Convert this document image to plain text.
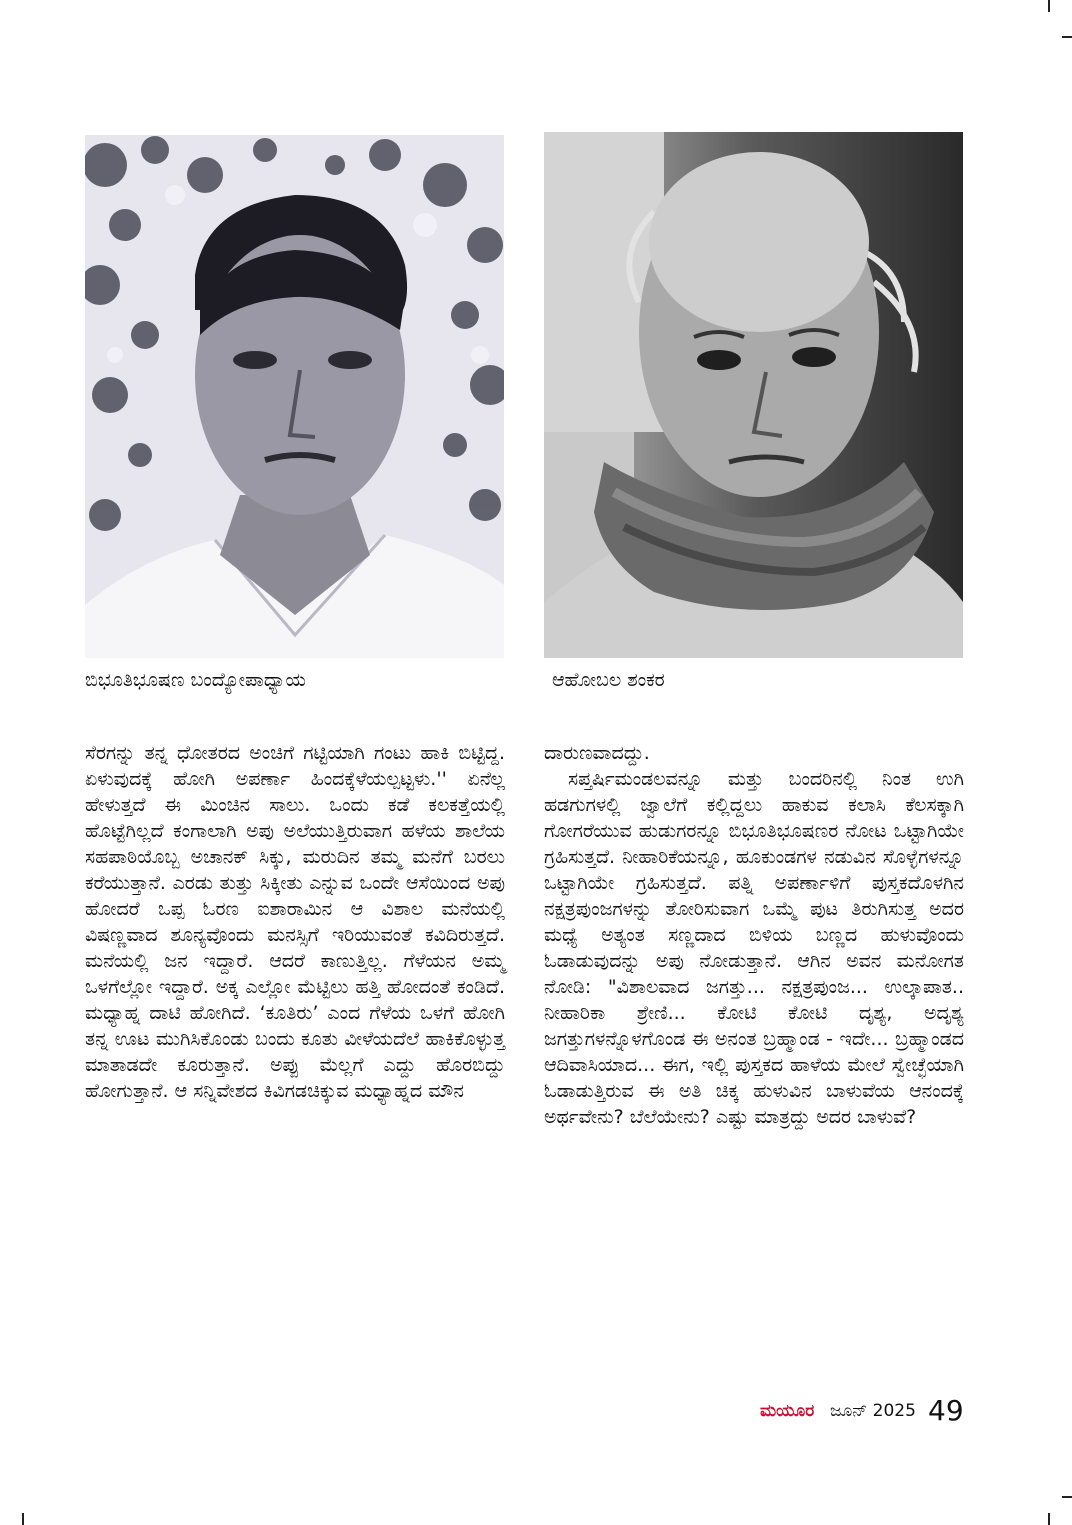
ಬಿಭೂತಿಭೂಷಣ ಬಂದ್ಯೋಪಾಧ್ಯಾಯ	ಆಹೋಬಲ ಶಂಕರ

ಸೆರಗನ್ನು ತನ್ನ ಧೋತರದ ಅಂಚಿಗೆ ಗಟ್ಟಿಯಾಗಿ ಗಂಟು ಹಾಕಿ ಬಿಟ್ಟಿದ್ದ. ಏಳುವುದಕ್ಕೆ ಹೋಗಿ ಅಪರ್ಣಾ ಹಿಂದಕ್ಕೆಳೆಯಲ್ಪಟ್ಟಳು.'' ಏನೆಲ್ಲ ಹೇಳುತ್ತದೆ ಈ ಮಿಂಚಿನ ಸಾಲು. ಒಂದು ಕಡೆ ಕಲಕತ್ತೆಯಲ್ಲಿ ಹೊಟ್ಟೆಗಿಲ್ಲದೆ ಕಂಗಾಲಾಗಿ ಅಪು ಅಲೆಯುತ್ತಿರುವಾಗ ಹಳೆಯ ಶಾಲೆಯ ಸಹಪಾಠಿಯೊಬ್ಬ ಅಚಾನಕ್ ಸಿಕ್ಕು, ಮರುದಿನ ತಮ್ಮ ಮನೆಗೆ ಬರಲು ಕರೆಯುತ್ತಾನೆ. ಎರಡು ತುತ್ತು ಸಿಕ್ಕೀತು ಎನ್ನುವ ಒಂದೇ ಆಸೆಯಿಂದ ಅಪು ಹೋದರೆ ಒಪ್ಪ ಓರಣ ಐಶಾರಾಮಿನ ಆ ವಿಶಾಲ ಮನೆಯಲ್ಲಿ ವಿಷಣ್ಣವಾದ ಶೂನ್ಯವೊಂದು ಮನಸ್ಸಿಗೆ ಇರಿಯುವಂತೆ ಕವಿದಿರುತ್ತದೆ. ಮನೆಯಲ್ಲಿ ಜನ ಇದ್ದಾರೆ. ಆದರೆ ಕಾಣುತ್ತಿಲ್ಲ. ಗೆಳೆಯನ ಅಮ್ಮ ಒಳಗೆಲ್ಲೋ ಇದ್ದಾರೆ. ಅಕ್ಕ ಎಲ್ಲೋ ಮೆಟ್ಟಿಲು ಹತ್ತಿ ಹೋದಂತೆ ಕಂಡಿದೆ. ಮಧ್ಯಾಹ್ನ ದಾಟಿ ಹೋಗಿದೆ. ‘ಕೂತಿರು’ ಎಂದ ಗೆಳೆಯ ಒಳಗೆ ಹೋಗಿ ತನ್ನ ಊಟ ಮುಗಿಸಿಕೊಂಡು ಬಂದು ಕೂತು ವೀಳೆಯದೆಲೆ ಹಾಕಿಕೊಳ್ಳುತ್ತ ಮಾತಾಡದೇ ಕೂರುತ್ತಾನೆ. ಅಪ್ಪು ಮೆಲ್ಲಗೆ ಎದ್ದು ಹೊರಬಿದ್ದು ಹೋಗುತ್ತಾನೆ. ಆ ಸನ್ನಿವೇಶದ ಕಿವಿಗಡಚಿಕ್ಕುವ ಮಧ್ಯಾಹ್ನದ ಮೌನ

ದಾರುಣವಾದದ್ದು.

ಸಪ್ತರ್ಷಿಮಂಡಲವನ್ನೂ ಮತ್ತು ಬಂದರಿನಲ್ಲಿ ನಿಂತ ಉಗಿ ಹಡಗುಗಳಲ್ಲಿ ಜ್ವಾಲೆಗೆ ಕಲ್ಲಿದ್ದಲು ಹಾಕುವ ಕಲಾಸಿ ಕೆಲಸಕ್ಕಾಗಿ ಗೋಗರೆಯುವ ಹುಡುಗರನ್ನೂ ಬಿಭೂತಿಭೂಷಣರ ನೋಟ ಒಟ್ಟಾಗಿಯೇ ಗ್ರಹಿಸುತ್ತದೆ. ನೀಹಾರಿಕೆಯನ್ನೂ, ಹೂಕುಂಡಗಳ ನಡುವಿನ ಸೊಳ್ಳೆಗಳನ್ನೂ ಒಟ್ಟಾಗಿಯೇ ಗ್ರಹಿಸುತ್ತದೆ. ಪತ್ನಿ ಅಪರ್ಣಾಳಿಗೆ ಪುಸ್ತಕದೊಳಗಿನ ನಕ್ಷತ್ರಪುಂಜಗಳನ್ನು ತೋರಿಸುವಾಗ ಒಮ್ಮೆ ಪುಟ ತಿರುಗಿಸುತ್ತ ಅದರ ಮಧ್ಯೆ ಅತ್ಯಂತ ಸಣ್ಣದಾದ ಬಿಳಿಯ ಬಣ್ಣದ ಹುಳುವೊಂದು ಓಡಾಡುವುದನ್ನು ಅಪು ನೋಡುತ್ತಾನೆ. ಆಗಿನ ಅವನ ಮನೋಗತ ನೋಡಿ: "ವಿಶಾಲವಾದ ಜಗತ್ತು... ನಕ್ಷತ್ರಪುಂಜ... ಉಲ್ಕಾಪಾತ.. ನೀಹಾರಿಕಾ ಶ್ರೇಣಿ... ಕೋಟಿ ಕೋಟಿ ದೃಶ್ಯ, ಅದೃಶ್ಯ ಜಗತ್ತುಗಳನ್ನೊಳಗೊಂಡ ಈ ಅನಂತ ಬ್ರಹ್ಮಾಂಡ - ಇದೇ... ಬ್ರಹ್ಮಾಂಡದ ಆದಿವಾಸಿಯಾದ... ಈಗ, ಇಲ್ಲಿ ಪುಸ್ತಕದ ಹಾಳೆಯ ಮೇಲೆ ಸ್ವೇಚ್ಛೆಯಾಗಿ ಓಡಾಡುತ್ತಿರುವ ಈ ಅತಿ ಚಿಕ್ಕ ಹುಳುವಿನ ಬಾಳುವೆಯ ಆನಂದಕ್ಕೆ ಅರ್ಥವೇನು? ಬೆಲೆಯೇನು? ಎಷ್ಟು ಮಾತ್ರದ್ದು ಅದರ ಬಾಳುವೆ?

ಮಯೂರ ಜೂನ್ 2025 49
